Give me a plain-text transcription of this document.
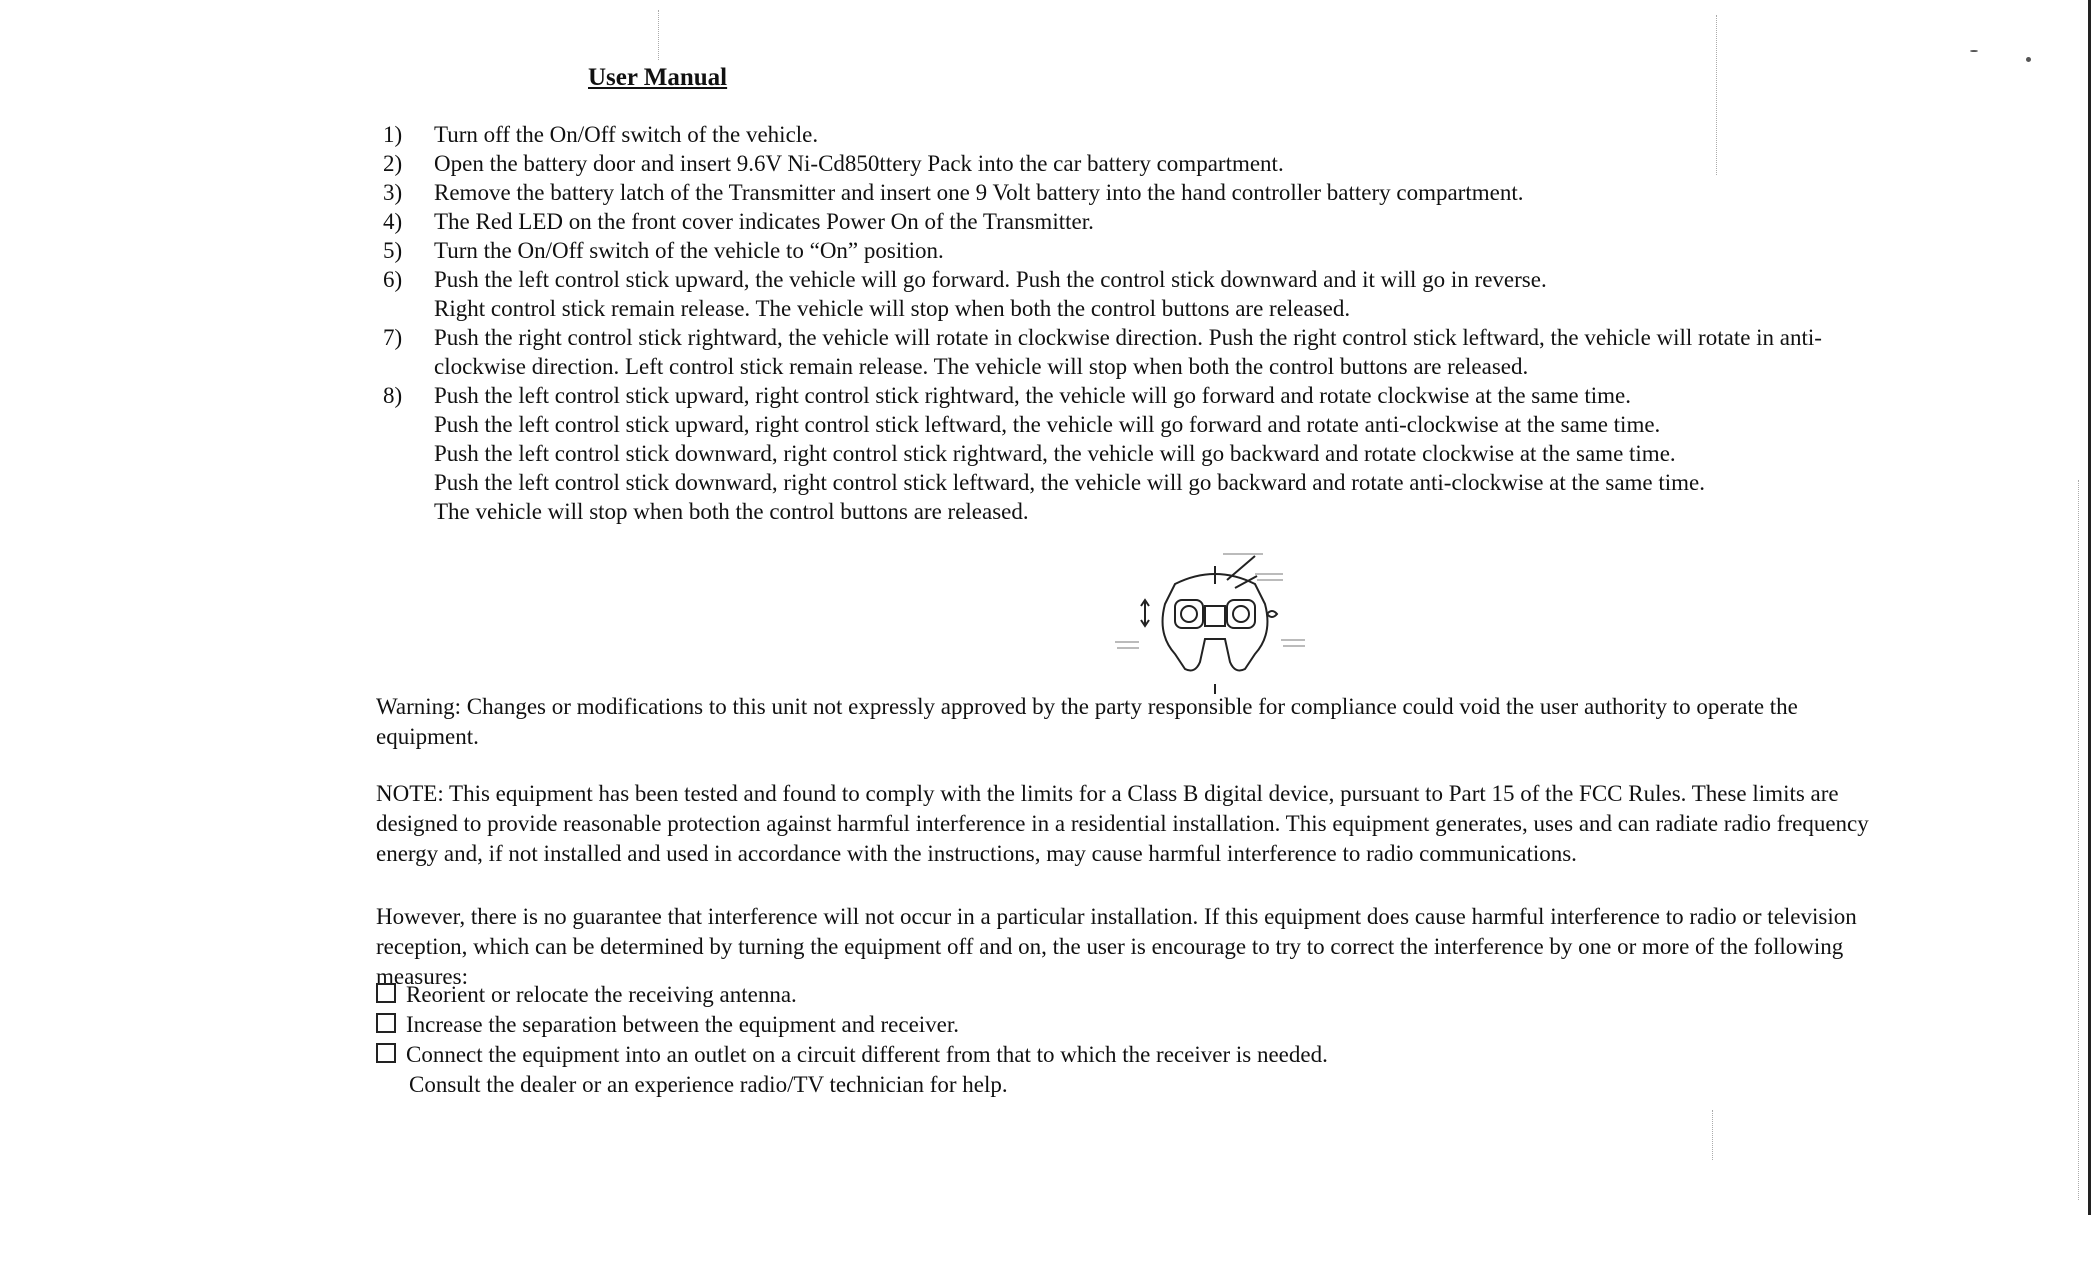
User Manual
1)	Turn off the On/Off switch of the vehicle.
2)	Open the battery door and insert 9.6V Ni-Cd850ttery Pack into the car battery compartment.
3)	Remove the battery latch of the Transmitter and insert one 9 Volt battery into the hand controller battery compartment.
4)	The Red LED on the front cover indicates Power On of the Transmitter.
5)	Turn the On/Off switch of the vehicle to “On” position.
6)	Push the left control stick upward, the vehicle will go forward. Push the control stick downward and it will go in reverse.
Right control stick remain release. The vehicle will stop when both the control buttons are released.
7)	Push the right control stick rightward, the vehicle will rotate in clockwise direction. Push the right control stick leftward, the vehicle will rotate in anti-
clockwise direction. Left control stick remain release. The vehicle will stop when both the control buttons are released.
8)	Push the left control stick upward, right control stick rightward, the vehicle will go forward and rotate clockwise at the same time.
Push the left control stick upward, right control stick leftward, the vehicle will go forward and rotate anti-clockwise at the same time.
Push the left control stick downward, right control stick rightward, the vehicle will go backward and rotate clockwise at the same time.
Push the left control stick downward, right control stick leftward, the vehicle will go backward and rotate anti-clockwise at the same time.
The vehicle will stop when both the control buttons are released.
Warning: Changes or modifications to this unit not expressly approved by the party responsible for compliance could void the user authority to operate the
equipment.
NOTE: This equipment has been tested and found to comply with the limits for a Class B digital device, pursuant to Part 15 of the FCC Rules. These limits are
designed to provide reasonable protection against harmful interference in a residential installation. This equipment generates, uses and can radiate radio frequency
energy and, if not installed and used in accordance with the instructions, may cause harmful interference to radio communications.
However, there is no guarantee that interference will not occur in a particular installation. If this equipment does cause harmful interference to radio or television
reception, which can be determined by turning the equipment off and on, the user is encourage to try to correct the interference by one or more of the following
measures:
Reorient or relocate the receiving antenna.
Increase the separation between the equipment and receiver.
Connect the equipment into an outlet on a circuit different from that to which the receiver is needed.
Consult the dealer or an experience radio/TV technician for help.
